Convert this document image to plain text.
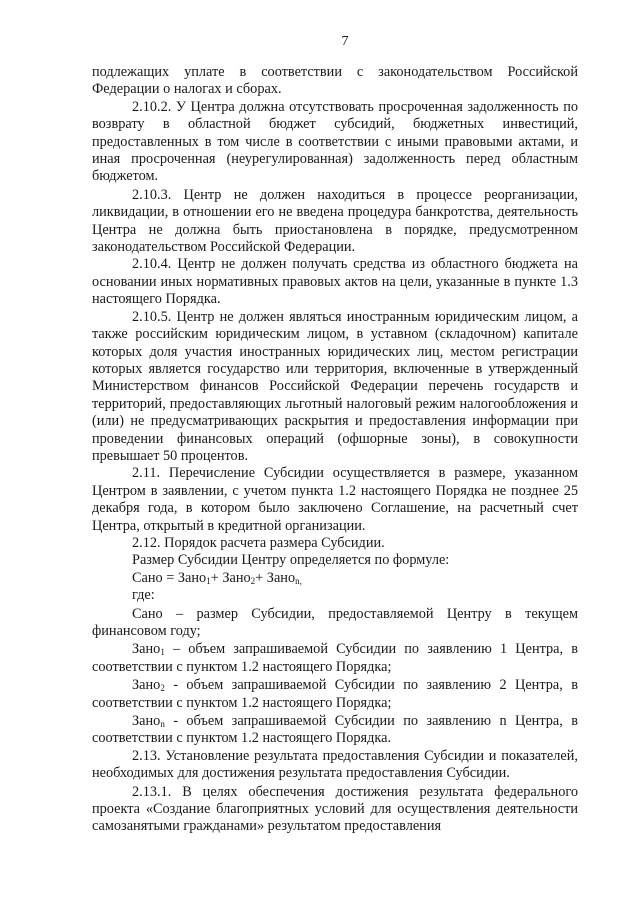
7

подлежащих уплате в соответствии с законодательством Российской Федерации о налогах и сборах.

2.10.2. У Центра должна отсутствовать просроченная задолженность по возврату в областной бюджет субсидий, бюджетных инвестиций, предоставленных в том числе в соответствии с иными правовыми актами, и иная просроченная (неурегулированная) задолженность перед областным бюджетом.

2.10.3. Центр не должен находиться в процессе реорганизации, ликвидации, в отношении его не введена процедура банкротства, деятельность Центра не должна быть приостановлена в порядке, предусмотренном законодательством Российской Федерации.

2.10.4. Центр не должен получать средства из областного бюджета на основании иных нормативных правовых актов на цели, указанные в пункте 1.3 настоящего Порядка.

2.10.5. Центр не должен являться иностранным юридическим лицом, а также российским юридическим лицом, в уставном (складочном) капитале которых доля участия иностранных юридических лиц, местом регистрации которых является государство или территория, включенные в утвержденный Министерством финансов Российской Федерации перечень государств и территорий, предоставляющих льготный налоговый режим налогообложения и (или) не предусматривающих раскрытия и предоставления информации при проведении финансовых операций (офшорные зоны), в совокупности превышает 50 процентов.

2.11. Перечисление Субсидии осуществляется в размере, указанном Центром в заявлении, с учетом пункта 1.2 настоящего Порядка не позднее 25 декабря года, в котором было заключено Соглашение, на расчетный счет Центра, открытый в кредитной организации.

2.12. Порядок расчета размера Субсидии.

Размер Субсидии Центру определяется по формуле:

Сано = Зано$_1$+ Зано$_2$+ Зано$_{n,}$

где:

Сано – размер Субсидии, предоставляемой Центру в текущем финансовом году;

Зано$_1$ – объем запрашиваемой Субсидии по заявлению 1 Центра, в соответствии с пунктом 1.2 настоящего Порядка;

Зано$_2$ - объем запрашиваемой Субсидии по заявлению 2 Центра, в соответствии с пунктом 1.2 настоящего Порядка;

Зано$_n$ - объем запрашиваемой Субсидии по заявлению n Центра, в соответствии с пунктом 1.2 настоящего Порядка.

2.13. Установление результата предоставления Субсидии и показателей, необходимых для достижения результата предоставления Субсидии.

2.13.1. В целях обеспечения достижения результата федерального проекта «Создание благоприятных условий для осуществления деятельности самозанятыми гражданами» результатом предоставления
